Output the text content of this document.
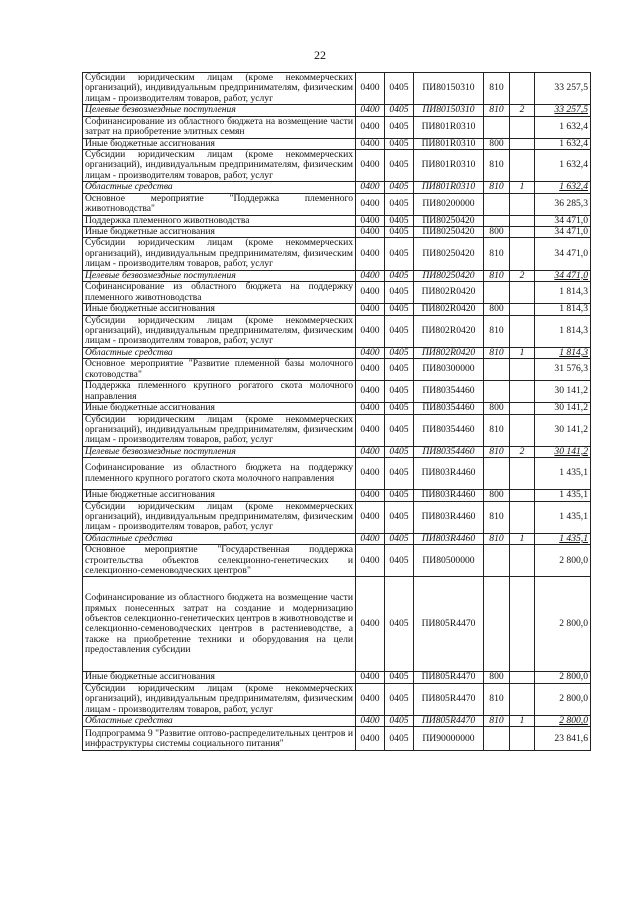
22
Субсидии юридическим лицам (кроме некоммерческих организаций), индивидуальным предпринимателям, физическим лицам - производителям товаров, работ, услуг	0400	0405	ПИ80150310	810		33 257,5
Целевые безвозмездные поступления	0400	0405	ПИ80150310	810	2	33 257,5
Софинансирование из областного бюджета на возмещение части затрат на приобретение элитных семян	0400	0405	ПИ801R0310			1 632,4
Иные бюджетные ассигнования	0400	0405	ПИ801R0310	800		1 632,4
Субсидии юридическим лицам (кроме некоммерческих организаций), индивидуальным предпринимателям, физическим лицам - производителям товаров, работ, услуг	0400	0405	ПИ801R0310	810		1 632,4
Областные средства	0400	0405	ПИ801R0310	810	1	1 632,4
Основное мероприятие "Поддержка племенного животноводства"	0400	0405	ПИ80200000			36 285,3
Поддержка племенного животноводства	0400	0405	ПИ80250420			34 471,0
Иные бюджетные ассигнования	0400	0405	ПИ80250420	800		34 471,0
Субсидии юридическим лицам (кроме некоммерческих организаций), индивидуальным предпринимателям, физическим лицам - производителям товаров, работ, услуг	0400	0405	ПИ80250420	810		34 471,0
Целевые безвозмездные поступления	0400	0405	ПИ80250420	810	2	34 471,0
Софинансирование из областного бюджета на поддержку племенного животноводства	0400	0405	ПИ802R0420			1 814,3
Иные бюджетные ассигнования	0400	0405	ПИ802R0420	800		1 814,3
Субсидии юридическим лицам (кроме некоммерческих организаций), индивидуальным предпринимателям, физическим лицам - производителям товаров, работ, услуг	0400	0405	ПИ802R0420	810		1 814,3
Областные средства	0400	0405	ПИ802R0420	810	1	1 814,3
Основное мероприятие "Развитие племенной базы молочного скотоводства"	0400	0405	ПИ80300000			31 576,3
Поддержка племенного крупного рогатого скота молочного направления	0400	0405	ПИ80354460			30 141,2
Иные бюджетные ассигнования	0400	0405	ПИ80354460	800		30 141,2
Субсидии юридическим лицам (кроме некоммерческих организаций), индивидуальным предпринимателям, физическим лицам - производителям товаров, работ, услуг	0400	0405	ПИ80354460	810		30 141,2
Целевые безвозмездные поступления	0400	0405	ПИ80354460	810	2	30 141,2
Софинансирование из областного бюджета на поддержку племенного крупного рогатого скота молочного направления	0400	0405	ПИ803R4460			1 435,1
Иные бюджетные ассигнования	0400	0405	ПИ803R4460	800		1 435,1
Субсидии юридическим лицам (кроме некоммерческих организаций), индивидуальным предпринимателям, физическим лицам - производителям товаров, работ, услуг	0400	0405	ПИ803R4460	810		1 435,1
Областные средства	0400	0405	ПИ803R4460	810	1	1 435,1
Основное мероприятие "Государственная поддержка строительства объектов селекционно-генетических и селекционно-семеноводческих центров"	0400	0405	ПИ80500000			2 800,0
Софинансирование из областного бюджета на возмещение части прямых понесенных затрат на создание и модернизацию объектов селекционно-генетических центров в животноводстве и селекционно-семеноводческих центров в растениеводстве, а также на приобретение техники и оборудования на цели предоставления субсидии	0400	0405	ПИ805R4470			2 800,0
Иные бюджетные ассигнования	0400	0405	ПИ805R4470	800		2 800,0
Субсидии юридическим лицам (кроме некоммерческих организаций), индивидуальным предпринимателям, физическим лицам - производителям товаров, работ, услуг	0400	0405	ПИ805R4470	810		2 800,0
Областные средства	0400	0405	ПИ805R4470	810	1	2 800,0
Подпрограмма 9 "Развитие оптово-распределительных центров и инфраструктуры системы социального питания"	0400	0405	ПИ90000000			23 841,6
